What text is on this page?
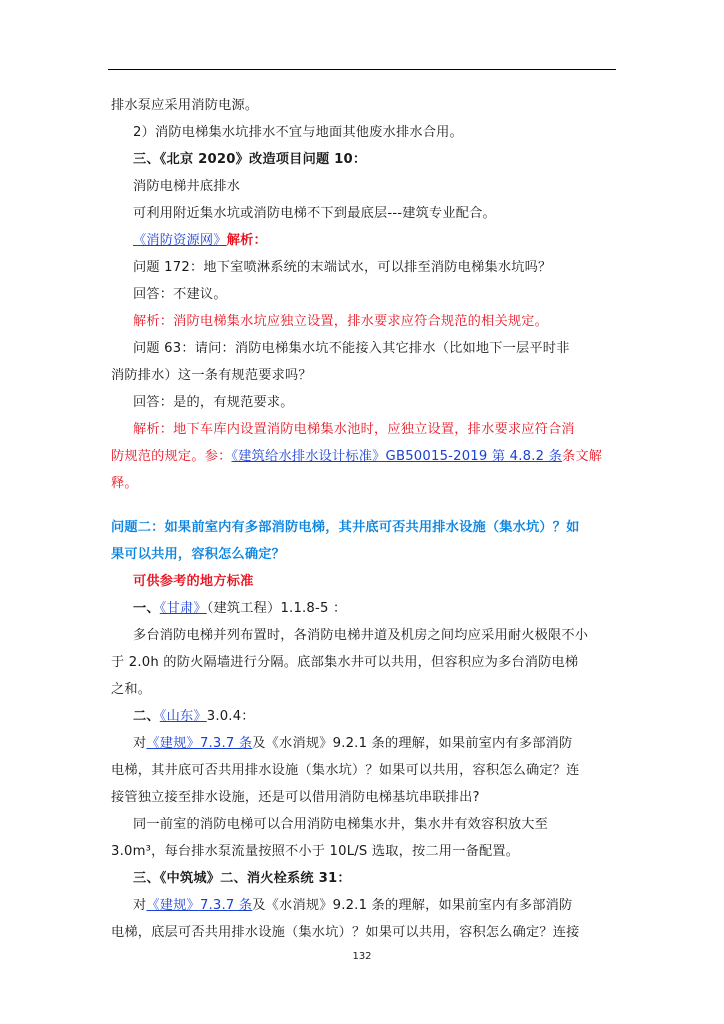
排水泵应采用消防电源。
2）消防电梯集水坑排水不宜与地面其他废水排水合用。
三、《北京 2020》改造项目问题 10：
消防电梯井底排水
可利用附近集水坑或消防电梯不下到最底层---建筑专业配合。
《消防资源网》解析：
问题 172：地下室喷淋系统的末端试水，可以排至消防电梯集水坑吗？
回答：不建议。
解析：消防电梯集水坑应独立设置，排水要求应符合规范的相关规定。
问题 63：请问：消防电梯集水坑不能接入其它排水（比如地下一层平时非
消防排水）这一条有规范要求吗？
回答：是的，有规范要求。
解析：地下车库内设置消防电梯集水池时，应独立设置，排水要求应符合消
防规范的规定。参：《建筑给水排水设计标准》GB50015-2019 第 4.8.2 条条文解
释。
问题二：如果前室内有多部消防电梯，其井底可否共用排水设施（集水坑）？如
果可以共用，容积怎么确定？
可供参考的地方标准
一、《甘肃》（建筑工程）1.1.8-5 ：
多台消防电梯并列布置时，各消防电梯井道及机房之间均应采用耐火极限不小
于 2.0h 的防火隔墙进行分隔。底部集水井可以共用，但容积应为多台消防电梯
之和。
二、《山东》3.0.4：
对《建规》7.3.7 条及《水消规》9.2.1 条的理解，如果前室内有多部消防
电梯，其井底可否共用排水设施（集水坑）？如果可以共用，容积怎么确定？连
接管独立接至排水设施，还是可以借用消防电梯基坑串联排出?
同一前室的消防电梯可以合用消防电梯集水井，集水井有效容积放大至
3.0m³，每台排水泵流量按照不小于 10L/S 选取，按二用一备配置。
三、《中筑城》二、消火栓系统 31：
对《建规》7.3.7 条及《水消规》9.2.1 条的理解，如果前室内有多部消防
电梯，底层可否共用排水设施（集水坑）？如果可以共用，容积怎么确定？连接
132
